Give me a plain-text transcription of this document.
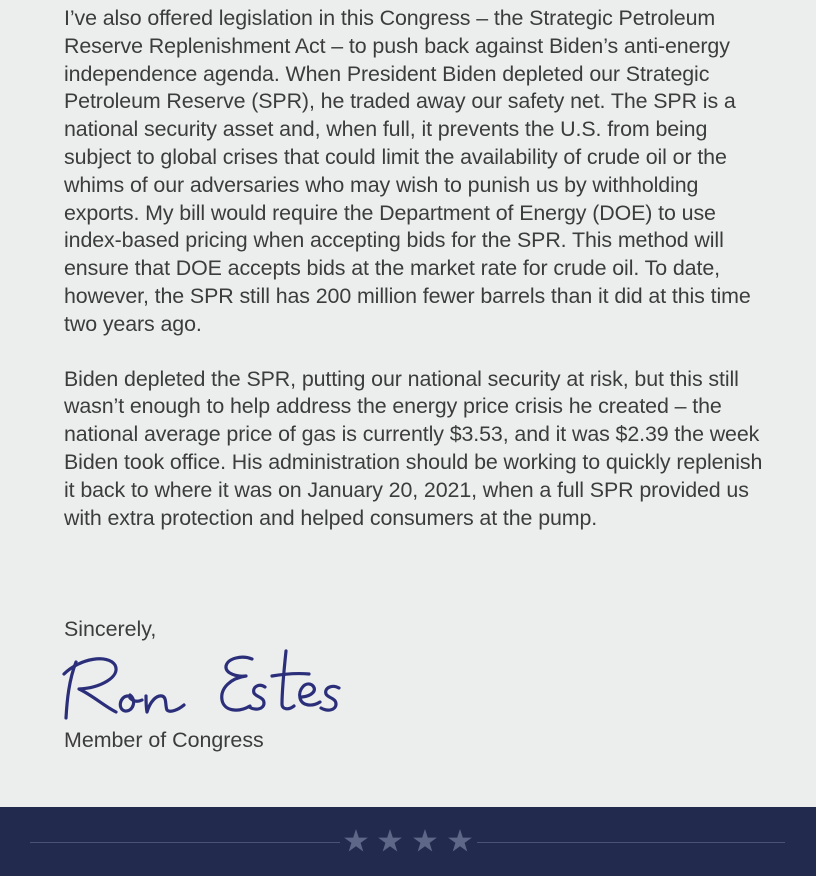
I’ve also offered legislation in this Congress – the Strategic Petroleum Reserve Replenishment Act – to push back against Biden’s anti-energy independence agenda. When President Biden depleted our Strategic Petroleum Reserve (SPR), he traded away our safety net. The SPR is a national security asset and, when full, it prevents the U.S. from being subject to global crises that could limit the availability of crude oil or the whims of our adversaries who may wish to punish us by withholding exports. My bill would require the Department of Energy (DOE) to use index-based pricing when accepting bids for the SPR. This method will ensure that DOE accepts bids at the market rate for crude oil. To date, however, the SPR still has 200 million fewer barrels than it did at this time two years ago.

Biden depleted the SPR, putting our national security at risk, but this still wasn’t enough to help address the energy price crisis he created – the national average price of gas is currently $3.53, and it was $2.39 the week Biden took office. His administration should be working to quickly replenish it back to where it was on January 20, 2021, when a full SPR provided us with extra protection and helped consumers at the pump.

Sincerely,

Member of Congress
